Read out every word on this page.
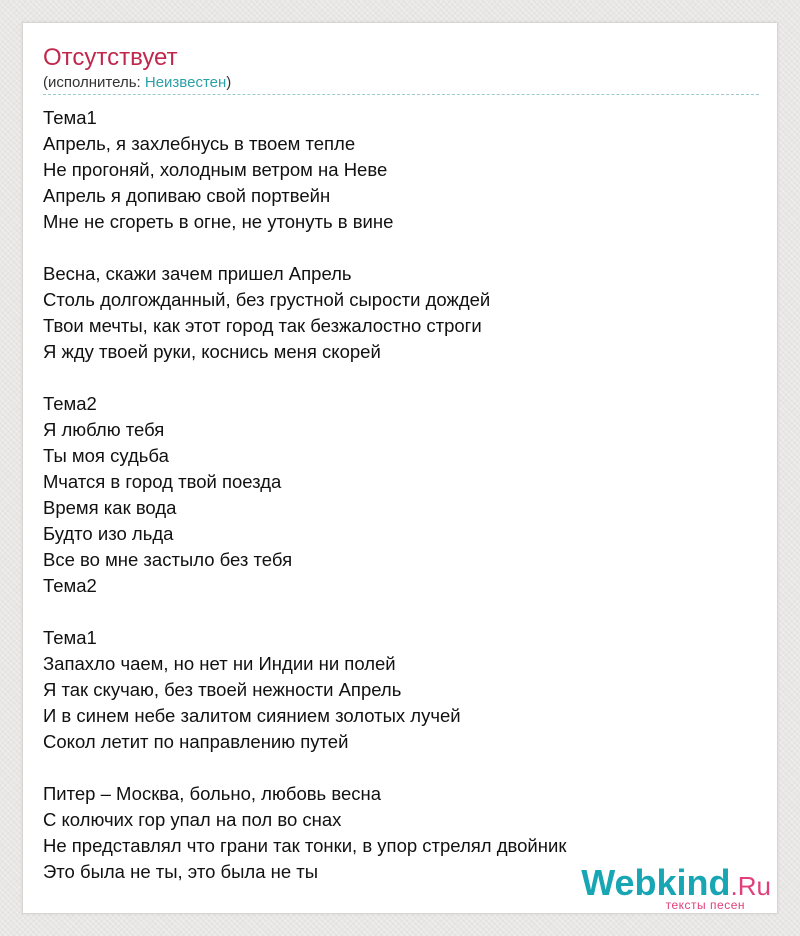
Отсутствует
(исполнитель: Неизвестен)
Тема1
Апрель, я захлебнусь в твоем тепле
Не прогоняй, холодным ветром на Неве
Апрель я допиваю свой портвейн
Мне не сгореть в огне, не утонуть в вине
Весна, скажи зачем пришел Апрель
Столь долгожданный, без грустной сырости дождей
Твои мечты, как этот город так безжалостно строги
Я жду твоей руки, коснись меня скорей
Тема2
Я люблю тебя
Ты моя судьба
Мчатся в город твой поезда
Время как вода
Будто изо льда
Все во мне застыло без тебя
Тема2
Тема1
Запахло чаем, но нет ни Индии ни полей
Я так скучаю, без твоей нежности Апрель
И в синем небе залитом сиянием золотых лучей
Сокол летит по направлению путей
Питер – Москва, больно, любовь весна
С колючих гор упал на пол во снах
Не представлял что грани так тонки, в упор стрелял двойник
Это была не ты, это была не ты	Webkind.Ru
тексты песен
